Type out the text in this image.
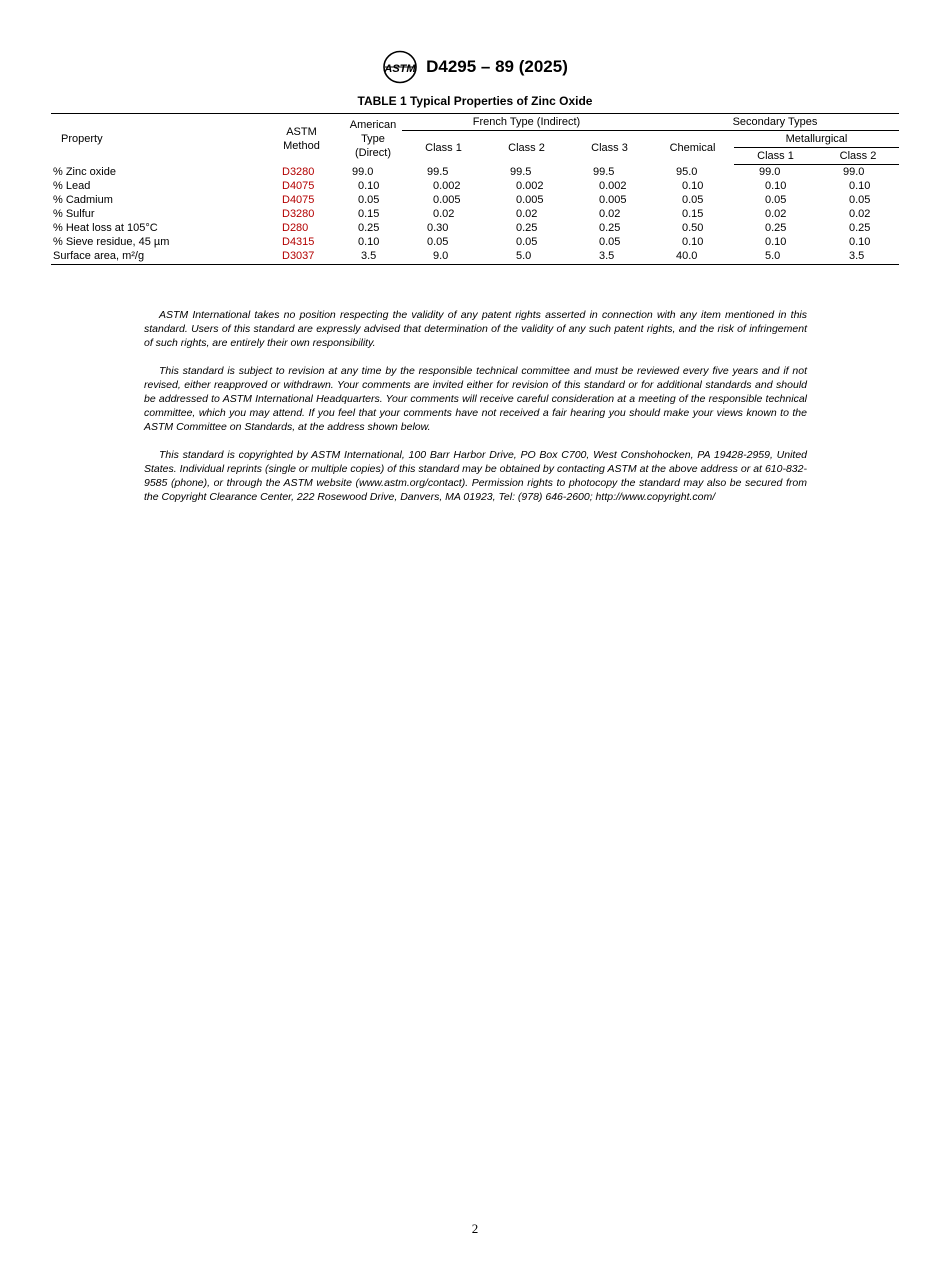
ASTM D4295 – 89 (2025)
TABLE 1 Typical Properties of Zinc Oxide
Property	ASTM Method	American Type (Direct)	French Type (Indirect)			Secondary Types		
			Class 1	Class 2	Class 3	Chemical	Metallurgical	
							Class 1	Class 2
% Zinc oxide	D3280	99.0	99.5	99.5	99.5	95.0	99.0	99.0
% Lead	D4075	0.10	0.002	0.002	0.002	0.10	0.10	0.10
% Cadmium	D4075	0.05	0.005	0.005	0.005	0.05	0.05	0.05
% Sulfur	D3280	0.15	0.02	0.02	0.02	0.15	0.02	0.02
% Heat loss at 105°C	D280	0.25	0.30	0.25	0.25	0.50	0.25	0.25
% Sieve residue, 45 µm	D4315	0.10	0.05	0.05	0.05	0.10	0.10	0.10
Surface area, m²/g	D3037	3.5	9.0	5.0	3.5	40.0	5.0	3.5

ASTM International takes no position respecting the validity of any patent rights asserted in connection with any item mentioned in this standard. Users of this standard are expressly advised that determination of the validity of any such patent rights, and the risk of infringement of such rights, are entirely their own responsibility.

This standard is subject to revision at any time by the responsible technical committee and must be reviewed every five years and if not revised, either reapproved or withdrawn. Your comments are invited either for revision of this standard or for additional standards and should be addressed to ASTM International Headquarters. Your comments will receive careful consideration at a meeting of the responsible technical committee, which you may attend. If you feel that your comments have not received a fair hearing you should make your views known to the ASTM Committee on Standards, at the address shown below.

This standard is copyrighted by ASTM International, 100 Barr Harbor Drive, PO Box C700, West Conshohocken, PA 19428-2959, United States. Individual reprints (single or multiple copies) of this standard may be obtained by contacting ASTM at the above address or at 610-832-9585 (phone), or through the ASTM website (www.astm.org/contact). Permission rights to photocopy the standard may also be secured from the Copyright Clearance Center, 222 Rosewood Drive, Danvers, MA 01923, Tel: (978) 646-2600; http://www.copyright.com/

2
